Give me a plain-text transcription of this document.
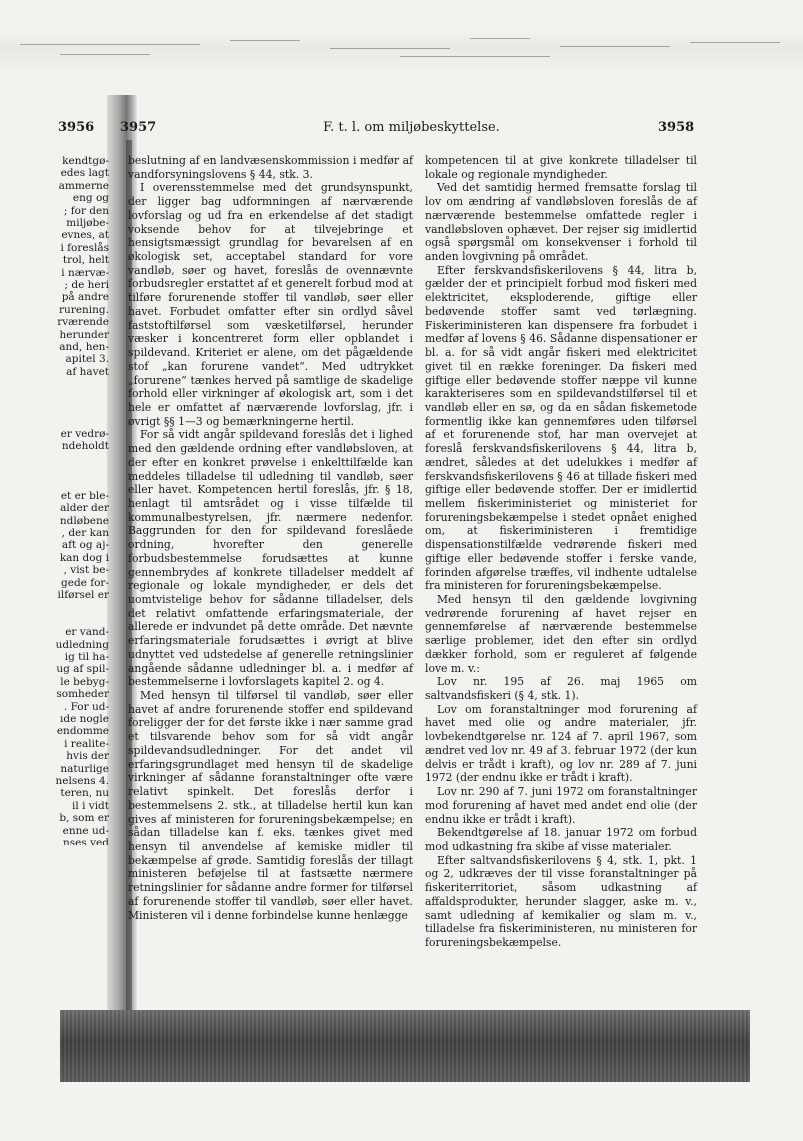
3956 3957	F. t. l. om miljøbeskyttelse.	3958
kendtgø-
edes lagt
ammerne
eng og
; for den
miljøbe-
evnes, at
i foreslås
trol, helt
i nærvæ-
; de heri
på andre
rurening.
rværende
herunder
and, hen-
apitel 3.
af havet
er vedrø-
ndeholdt
et er ble-
alder der
ndløbene
, der kan
aft og aj-
kan dog i
, vist be-
gede for-
ilførsel er
er vand-
udledning
ig til ha-
ug af spil-
le bebyg-
somheder
. For ud-
ıde nogle
endomme
i realite-
hvis der
naturlige
nelsens 4.
teren, nu
il i vidt
b, som er
enne ud-
nses ved

beslutning af en landvæsenskommission i medfør af vandforsyningslovens § 44, stk. 3.

I overensstemmelse med det grundsynspunkt, der ligger bag udformningen af nærværende lovforslag og ud fra en erkendelse af det stadigt voksende behov for at tilvejebringe et hensigtsmæssigt grundlag for bevarelsen af en økologisk set, acceptabel standard for vore vandløb, søer og havet, foreslås de ovennævnte forbudsregler erstattet af et generelt forbud mod at tilføre forurenende stoffer til vandløb, søer eller havet. Forbudet omfatter efter sin ordlyd såvel faststoftilførsel som væsketilførsel, herunder væsker i koncentreret form eller opblandet i spildevand. Kriteriet er alene, om det pågældende stof „kan forurene vandet“. Med udtrykket „forurene“ tænkes herved på samtlige de skadelige forhold eller virkninger af økologisk art, som i det hele er omfattet af nærværende lovforslag, jfr. i øvrigt §§ 1—3 og bemærkningerne hertil.

For så vidt angår spildevand foreslås det i lighed med den gældende ordning efter vandløbsloven, at der efter en konkret prøvelse i enkelttilfælde kan meddeles tilladelse til udledning til vandløb, søer eller havet. Kompetencen hertil foreslås, jfr. § 18, henlagt til amtsrådet og i visse tilfælde til kommunalbestyrelsen, jfr. nærmere nedenfor. Baggrunden for den for spildevand foreslåede ordning, hvorefter den generelle forbudsbestemmelse forudsættes at kunne gennembrydes af konkrete tilladelser meddelt af regionale og lokale myndigheder, er dels det uomtvistelige behov for sådanne tilladelser, dels det relativt omfattende erfaringsmateriale, der allerede er indvundet på dette område. Det nævnte erfaringsmateriale forudsættes i øvrigt at blive udnyttet ved udstedelse af generelle retningslinier angående sådanne udledninger bl. a. i medfør af bestemmelserne i lovforslagets kapitel 2. og 4.

Med hensyn til tilførsel til vandløb, søer eller havet af andre forurenende stoffer end spildevand foreligger der for det første ikke i nær samme grad et tilsvarende behov som for så vidt angår spildevandsudledninger. For det andet vil erfaringsgrundlaget med hensyn til de skadelige virkninger af sådanne foranstaltninger ofte være relativt spinkelt. Det foreslås derfor i bestemmelsens 2. stk., at tilladelse hertil kun kan gives af ministeren for forureningsbekæmpelse; en sådan tilladelse kan f. eks. tænkes givet med hensyn til anvendelse af kemiske midler til bekæmpelse af grøde. Samtidig foreslås der tillagt ministeren beføjelse til at fastsætte nærmere retningslinier for sådanne andre former for tilførsel af forurenende stoffer til vandløb, søer eller havet. Ministeren vil i denne forbindelse kunne henlægge

kompetencen til at give konkrete tilladelser til lokale og regionale myndigheder.

Ved det samtidig hermed fremsatte forslag til lov om ændring af vandløbsloven foreslås de af nærværende bestemmelse omfattede regler i vandløbsloven ophævet. Der rejser sig imidlertid også spørgsmål om konsekvenser i forhold til anden lovgivning på området.

Efter ferskvandsfiskerilovens § 44, litra b, gælder der et principielt forbud mod fiskeri med elektricitet, eksploderende, giftige eller bedøvende stoffer samt ved tørlægning. Fiskeriministeren kan dispensere fra forbudet i medfør af lovens § 46. Sådanne dispensationer er bl. a. for så vidt angår fiskeri med elektricitet givet til en række foreninger. Da fiskeri med giftige eller bedøvende stoffer næppe vil kunne karakteriseres som en spildevandstilførsel til et vandløb eller en sø, og da en sådan fiskemetode formentlig ikke kan gennemføres uden tilførsel af et forurenende stof, har man overvejet at foreslå ferskvandsfiskerilovens § 44, litra b, ændret, således at det udelukkes i medfør af ferskvandsfiskerilovens § 46 at tillade fiskeri med giftige eller bedøvende stoffer. Der er imidlertid mellem fiskeriministeriet og ministeriet for forureningsbekæmpelse i stedet opnået enighed om, at fiskeriministeren i fremtidige dispensationstilfælde vedrørende fiskeri med giftige eller bedøvende stoffer i ferske vande, forinden afgørelse træffes, vil indhente udtalelse fra ministeren for forureningsbekæmpelse.

Med hensyn til den gældende lovgivning vedrørende forurening af havet rejser en gennemførelse af nærværende bestemmelse særlige problemer, idet den efter sin ordlyd dækker forhold, som er reguleret af følgende love m. v.:

Lov nr. 195 af 26. maj 1965 om saltvandsfiskeri (§ 4, stk. 1).

Lov om foranstaltninger mod forurening af havet med olie og andre materialer, jfr. lovbekendtgørelse nr. 124 af 7. april 1967, som ændret ved lov nr. 49 af 3. februar 1972 (der kun delvis er trådt i kraft), og lov nr. 289 af 7. juni 1972 (der endnu ikke er trådt i kraft).

Lov nr. 290 af 7. juni 1972 om foranstaltninger mod forurening af havet med andet end olie (der endnu ikke er trådt i kraft).

Bekendtgørelse af 18. januar 1972 om forbud mod udkastning fra skibe af visse materialer.

Efter saltvandsfiskerilovens § 4, stk. 1, pkt. 1 og 2, udkræves der til visse foranstaltninger på fiskeriterritoriet, såsom udkastning af affaldsprodukter, herunder slagger, aske m. v., samt udledning af kemikalier og slam m. v., tilladelse fra fiskeriministeren, nu ministeren for forureningsbekæmpelse.
